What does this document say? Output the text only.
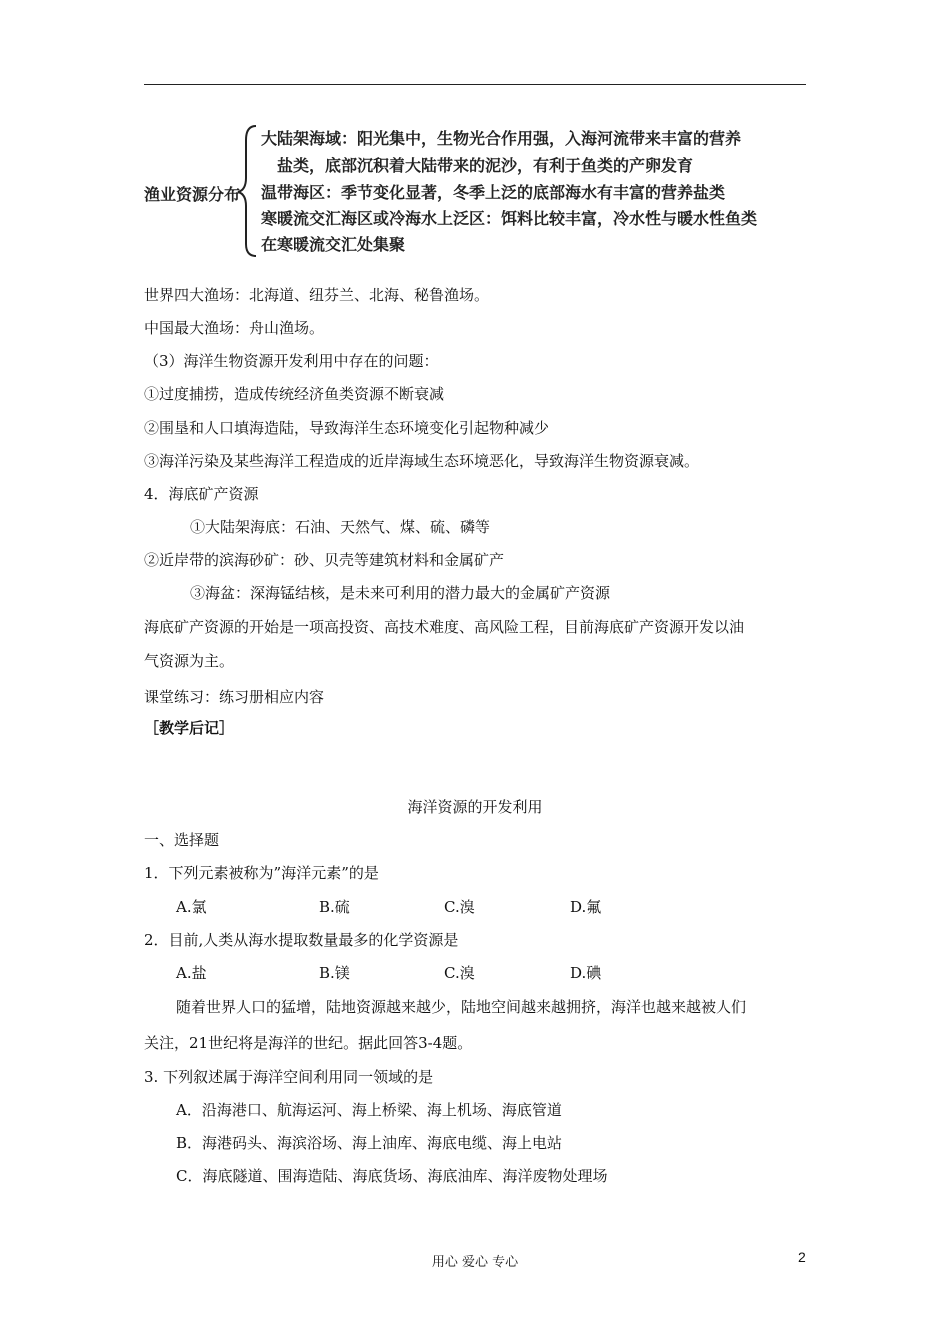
渔业资源分布
大陆架海域：阳光集中，生物光合作用强，入海河流带来丰富的营养
盐类，底部沉积着大陆带来的泥沙，有利于鱼类的产卵发育
温带海区：季节变化显著，冬季上泛的底部海水有丰富的营养盐类
寒暖流交汇海区或冷海水上泛区：饵料比较丰富，冷水性与暖水性鱼类
在寒暖流交汇处集聚
世界四大渔场：北海道、纽芬兰、北海、秘鲁渔场。
中国最大渔场：舟山渔场。
（3）海洋生物资源开发利用中存在的问题：
①过度捕捞，造成传统经济鱼类资源不断衰减
②围垦和人口填海造陆，导致海洋生态环境变化引起物种减少
③海洋污染及某些海洋工程造成的近岸海域生态环境恶化，导致海洋生物资源衰减。
4．海底矿产资源
①大陆架海底：石油、天然气、煤、硫、磷等
②近岸带的滨海砂矿：砂、贝壳等建筑材料和金属矿产
③海盆：深海锰结核，是未来可利用的潜力最大的金属矿产资源
海底矿产资源的开始是一项高投资、高技术难度、高风险工程，目前海底矿产资源开发以油
气资源为主。
课堂练习：练习册相应内容
［教学后记］
海洋资源的开发利用
一、选择题
1．下列元素被称为”海洋元素”的是
A.氯	B.硫	C.溴	D.氟
2．目前,人类从海水提取数量最多的化学资源是
A.盐	B.镁	C.溴	D.碘
随着世界人口的猛增，陆地资源越来越少，陆地空间越来越拥挤，海洋也越来越被人们
关注，21世纪将是海洋的世纪。据此回答3-4题。
3. 下列叙述属于海洋空间利用同一领域的是
A．沿海港口、航海运河、海上桥梁、海上机场、海底管道
B．海港码头、海滨浴场、海上油库、海底电缆、海上电站
C．海底隧道、围海造陆、海底货场、海底油库、海洋废物处理场
用心 爱心 专心	2
